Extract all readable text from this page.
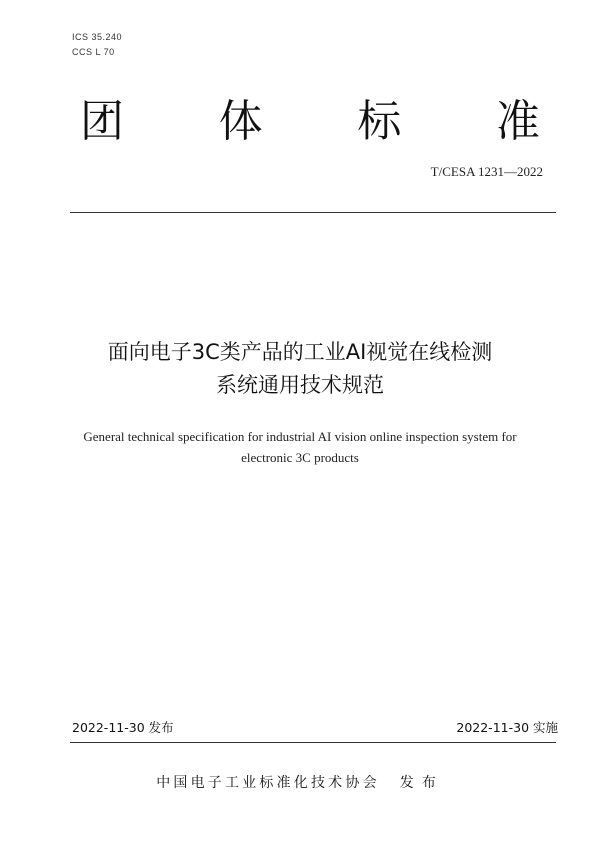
ICS 35.240
CCS L 70
团 体 标 准
T/CESA 1231—2022
面向电子3C类产品的工业AI视觉在线检测
系统通用技术规范
General technical specification for industrial AI vision online inspection system for
electronic 3C products
2022-11-30 发布	2022-11-30 实施
中国电子工业标准化技术协会 发布
